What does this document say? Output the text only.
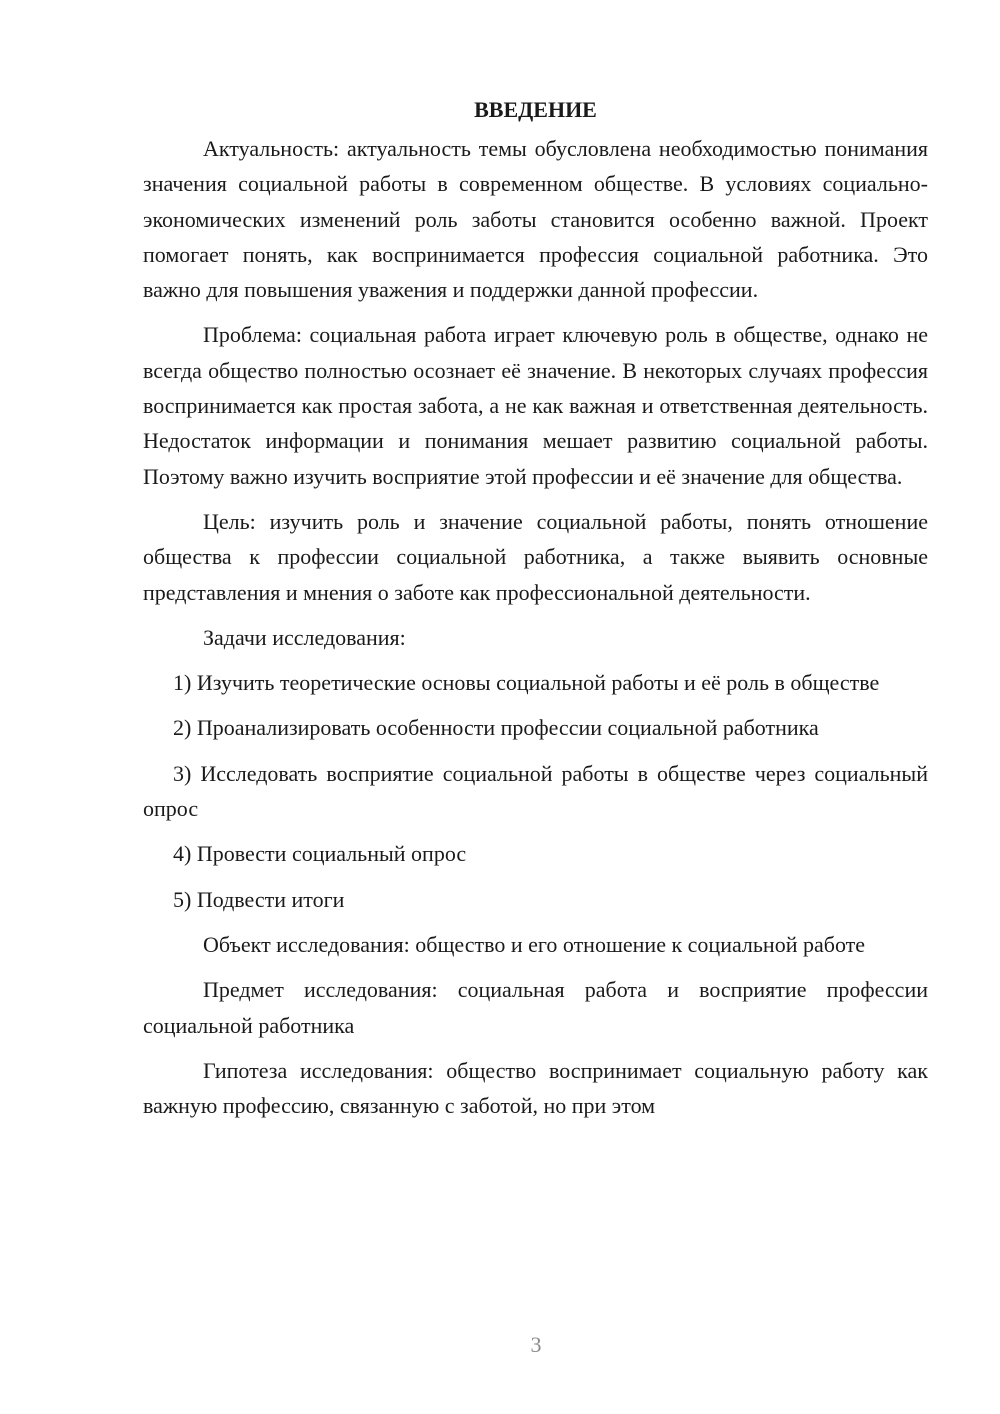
ВВЕДЕНИЕ

Актуальность: актуальность темы обусловлена необходимостью понимания значения социальной работы в современном обществе. В условиях социально-экономических изменений роль заботы становится особенно важной. Проект помогает понять, как воспринимается профессия социальной работника. Это важно для повышения уважения и поддержки данной профессии.

Проблема: социальная работа играет ключевую роль в обществе, однако не всегда общество полностью осознает её значение. В некоторых случаях профессия воспринимается как простая забота, а не как важная и ответственная деятельность. Недостаток информации и понимания мешает развитию социальной работы. Поэтому важно изучить восприятие этой профессии и её значение для общества.

Цель: изучить роль и значение социальной работы, понять отношение общества к профессии социальной работника, а также выявить основные представления и мнения о заботе как профессиональной деятельности.

Задачи исследования:

1) Изучить теоретические основы социальной работы и её роль в обществе

2) Проанализировать особенности профессии социальной работника

3) Исследовать восприятие социальной работы в обществе через социальный опрос

4) Провести социальный опрос

5) Подвести итоги

Объект исследования: общество и его отношение к социальной работе

Предмет исследования: социальная работа и восприятие профессии социальной работника

Гипотеза исследования: общество воспринимает социальную работу как важную профессию, связанную с заботой, но при этом

3
